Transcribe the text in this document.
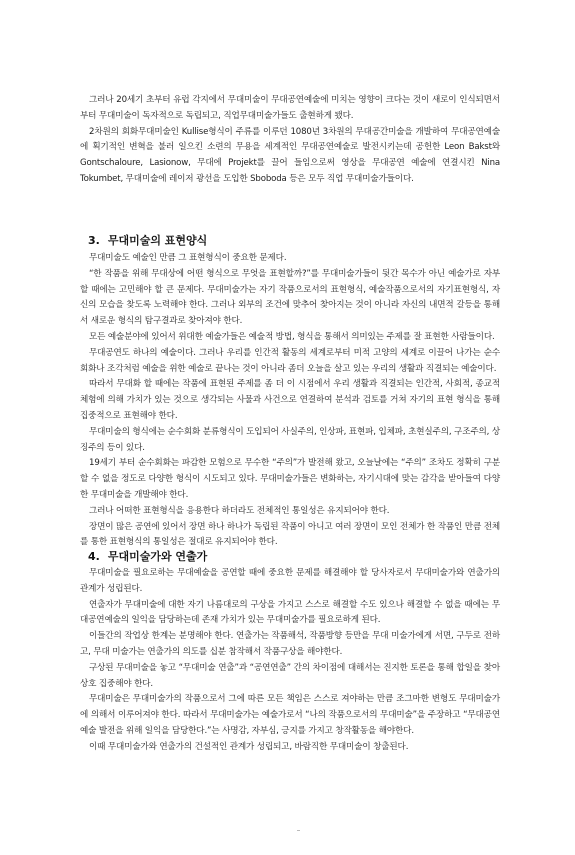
그러나 20세기 초부터 유럽 각지에서 무대미술이 무대공연예술에 미치는 영향이 크다는 것이 새로이 인식되면서부터 무대미술이 독자적으로 독립되고, 직업무대미술가들도 출현하게 됐다.

2차원의 회화무대미술인 Kullise형식이 주류를 이루던 1080년 3차원의 무대공간미술을 개발하여 무대공연예술에 획기적인 변혁을 불러 일으킨 소련의 무용을 세계적인 무대공연예술로 발전시키는데 공헌한 Leon Bakst와 Gontschaloure, Lasionow, 무대에 Projekt를 끌어 들임으로써 영상을 무대공연 예술에 연결시킨 Nina Tokumbet, 무대미술에 레이저 광선을 도입한 Sboboda 등은 모두 직업 무대미술가들이다.

3. 무대미술의 표현양식

무대미술도 예술인 만큼 그 표현형식이 중요한 문제다.

“한 작품을 위해 무대상에 어떤 형식으로 무엇을 표현할까?”를 무대미술가들이 뒷간 목수가 아닌 예술가로 자부할 때에는 고민해야 할 큰 문제다. 무대미술가는 자기 작품으로서의 표현형식, 예술작품으로서의 자기표현형식, 자신의 모습을 찾도록 노력해야 한다. 그러나 외부의 조건에 맞추어 찾아지는 것이 아니라 자신의 내면적 갈등을 통해서 새로운 형식의 탐구결과로 찾아져야 한다.

모든 예술분야에 있어서 위대한 예술가들은 예술적 방법, 형식을 통해서 의미있는 주제를 잘 표현한 사람들이다.

무대공연도 하나의 예술이다. 그러나 우리를 인간적 활동의 세계로부터 미적 고양의 세계로 이끌어 나가는 순수회화나 조각처럼 예술을 위한 예술로 끝나는 것이 아니라 좀더 오늘을 살고 있는 우리의 생활과 직결되는 예술이다.

따라서 무대화 할 때에는 작품에 표현된 주제를 좀 더 이 시점에서 우리 생활과 직결되는 인간적, 사회적, 종교적 체험에 의해 가치가 있는 것으로 생각되는 사물과 사건으로 연결하여 분석과 검토를 거쳐 자기의 표현 형식을 통해 집중적으로 표현해야 한다.

무대미술의 형식에는 순수회화 분류형식이 도입되어 사실주의, 인상파, 표현파, 입체파, 초현실주의, 구조주의, 상징주의 등이 있다.

19세기 부터 순수회화는 파감한 모험으로 무수한 “주의”가 발전해 왔고, 오늘날에는 “주의” 조차도 정확히 구분할 수 없을 정도로 다양한 형식이 시도되고 있다. 무대미술가들은 변화하는, 자기시대에 맞는 감각을 받아들여 다양한 무대미술을 개발해야 한다.

그러나 어떠한 표현형식을 응용한다 하더라도 전체적인 통일성은 유지되어야 한다.

장면이 많은 공연에 있어서 장면 하나 하나가 독립된 작품이 아니고 여러 장면이 모인 전체가 한 작품인 만큼 전체를 통한 표현형식의 통일성은 절대로 유지되어야 한다.

4. 무대미술가와 연출가

무대미술을 필요로하는 무대예술을 공연할 때에 중요한 문제를 해결해야 할 당사자로서 무대미술가와 연출가의 관계가 성립된다.

연출자가 무대미술에 대한 자기 나름대로의 구상을 가지고 스스로 해결할 수도 있으나 해결할 수 없을 때에는 무대공연예술의 일익을 담당하는데 존재 가치가 있는 무대미술가를 필요로하게 된다.

이들간의 작업상 한계는 분명해야 한다. 연출가는 작품해석, 작품방향 등만을 무대 미술가에게 서면, 구두로 전하고, 무대 미술가는 연출가의 의도를 십분 참작해서 작품구상을 해야한다.

구상된 무대미술을 놓고 “무대미술 연출”과 “공연연출” 간의 차이점에 대해서는 진지한 토론을 통해 합일을 찾아 상호 집중해야 한다.

무대미술은 무대미술가의 작품으로서 그에 따른 모든 책임은 스스로 져야하는 만큼 조그마한 변형도 무대미술가에 의해서 이루어져야 한다. 따라서 무대미술가는 예술가로서 “나의 작품으로서의 무대미술”을 주장하고 “무대공연예술 발전을 위해 일익을 담당한다.”는 사명감, 자부심, 긍지를 가지고 창작활동을 해야한다.

이때 무대미술가와 연출가의 건설적인 관계가 성립되고, 바람직한 무대미술이 창출된다.
